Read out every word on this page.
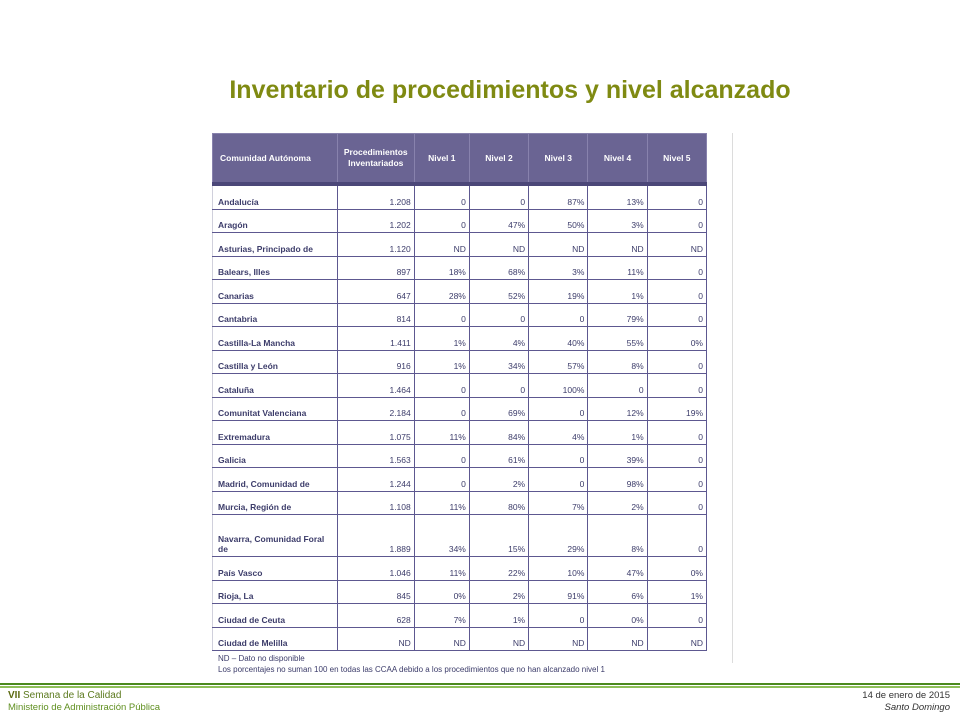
Inventario de procedimientos y nivel alcanzado
Comunidad Autónoma	Procedimientos Inventariados	Nivel 1	Nivel 2	Nivel 3	Nivel 4	Nivel 5
Andalucía	1.208	0	0	87%	13%	0
Aragón	1.202	0	47%	50%	3%	0
Asturias, Principado de	1.120	ND	ND	ND	ND	ND
Balears, Illes	897	18%	68%	3%	11%	0
Canarias	647	28%	52%	19%	1%	0
Cantabria	814	0	0	0	79%	0
Castilla-La Mancha	1.411	1%	4%	40%	55%	0%
Castilla y León	916	1%	34%	57%	8%	0
Cataluña	1.464	0	0	100%	0	0
Comunitat Valenciana	2.184	0	69%	0	12%	19%
Extremadura	1.075	11%	84%	4%	1%	0
Galicia	1.563	0	61%	0	39%	0
Madrid, Comunidad de	1.244	0	2%	0	98%	0
Murcia, Región de	1.108	11%	80%	7%	2%	0
Navarra, Comunidad Foral de	1.889	34%	15%	29%	8%	0
País Vasco	1.046	11%	22%	10%	47%	0%
Rioja, La	845	0%	2%	91%	6%	1%
Ciudad de Ceuta	628	7%	1%	0	0%	0
Ciudad de Melilla	ND	ND	ND	ND	ND	ND
ND – Dato no disponible
Los porcentajes no suman 100 en todas las CCAA debido a los procedimientos que no han alcanzado nivel 1
VII Semana de la Calidad
Ministerio de Administración Pública
14 de enero de 2015
Santo Domingo
